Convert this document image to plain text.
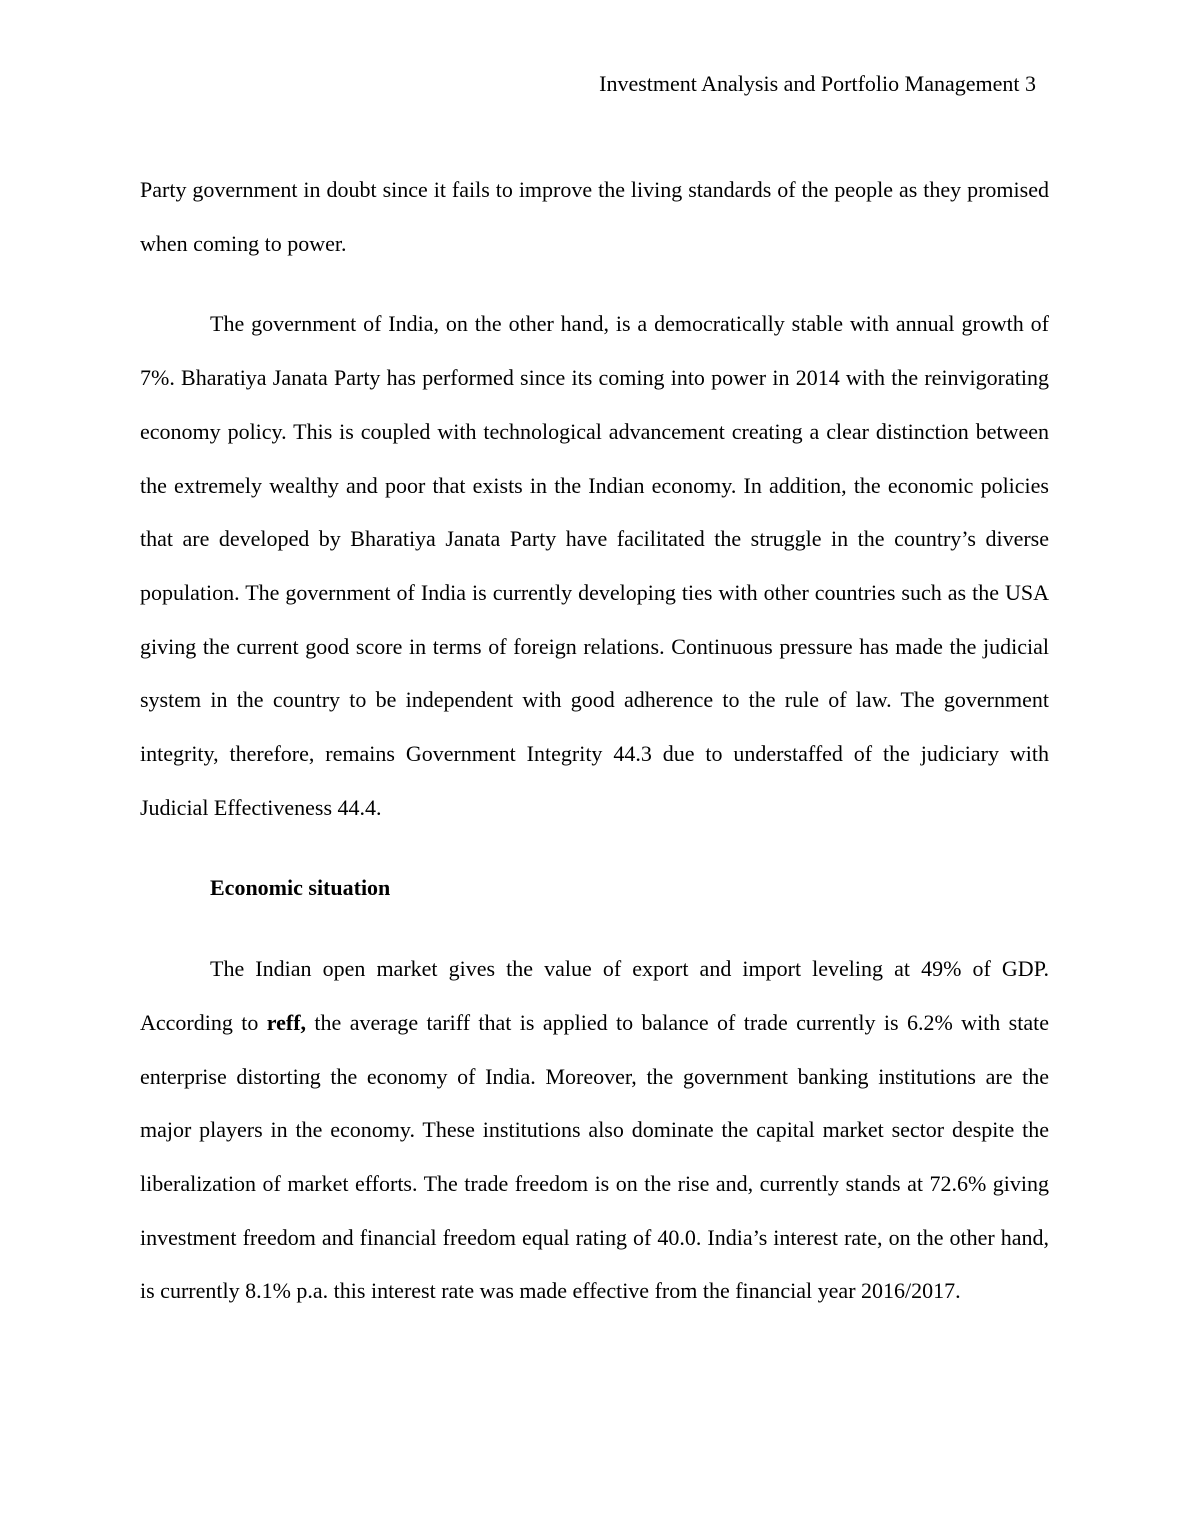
Investment Analysis and Portfolio Management 3

Party government in doubt since it fails to improve the living standards of the people as they promised when coming to power.

The government of India, on the other hand, is a democratically stable with annual growth of 7%. Bharatiya Janata Party has performed since its coming into power in 2014 with the reinvigorating economy policy. This is coupled with technological advancement creating a clear distinction between the extremely wealthy and poor that exists in the Indian economy. In addition, the economic policies that are developed by Bharatiya Janata Party have facilitated the struggle in the country’s diverse population. The government of India is currently developing ties with other countries such as the USA giving the current good score in terms of foreign relations. Continuous pressure has made the judicial system in the country to be independent with good adherence to the rule of law. The government integrity, therefore, remains Government Integrity 44.3 due to understaffed of the judiciary with Judicial Effectiveness 44.4.

Economic situation

The Indian open market gives the value of export and import leveling at 49% of GDP. According to reff, the average tariff that is applied to balance of trade currently is 6.2% with state enterprise distorting the economy of India. Moreover, the government banking institutions are the major players in the economy. These institutions also dominate the capital market sector despite the liberalization of market efforts. The trade freedom is on the rise and, currently stands at 72.6% giving investment freedom and financial freedom equal rating of 40.0. India’s interest rate, on the other hand, is currently 8.1% p.a. this interest rate was made effective from the financial year 2016/2017.
